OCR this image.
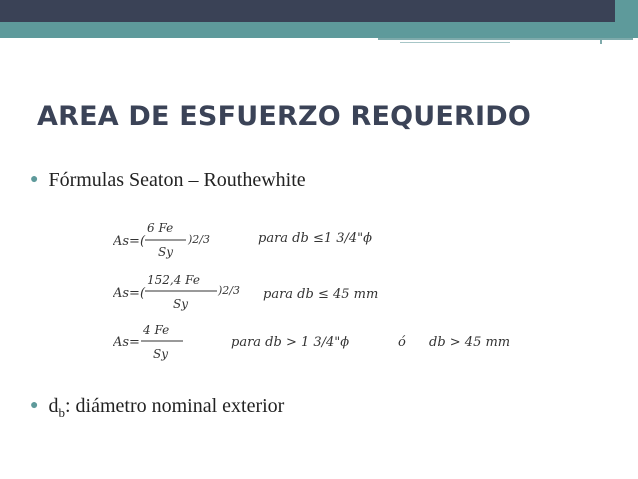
AREA DE ESFUERZO REQUERIDO
● Fórmulas Seaton – Routhewhite
As=(
6 Fe
Sy
)2/3	para db ≤1 3/4"ϕ
As=(
152,4 Fe
Sy
)2/3 para db ≤ 45 mm
As=
4 Fe
Sy
para db > 1 3/4"ϕ	ó db > 45 mm
● $d_b$: diámetro nominal exterior
